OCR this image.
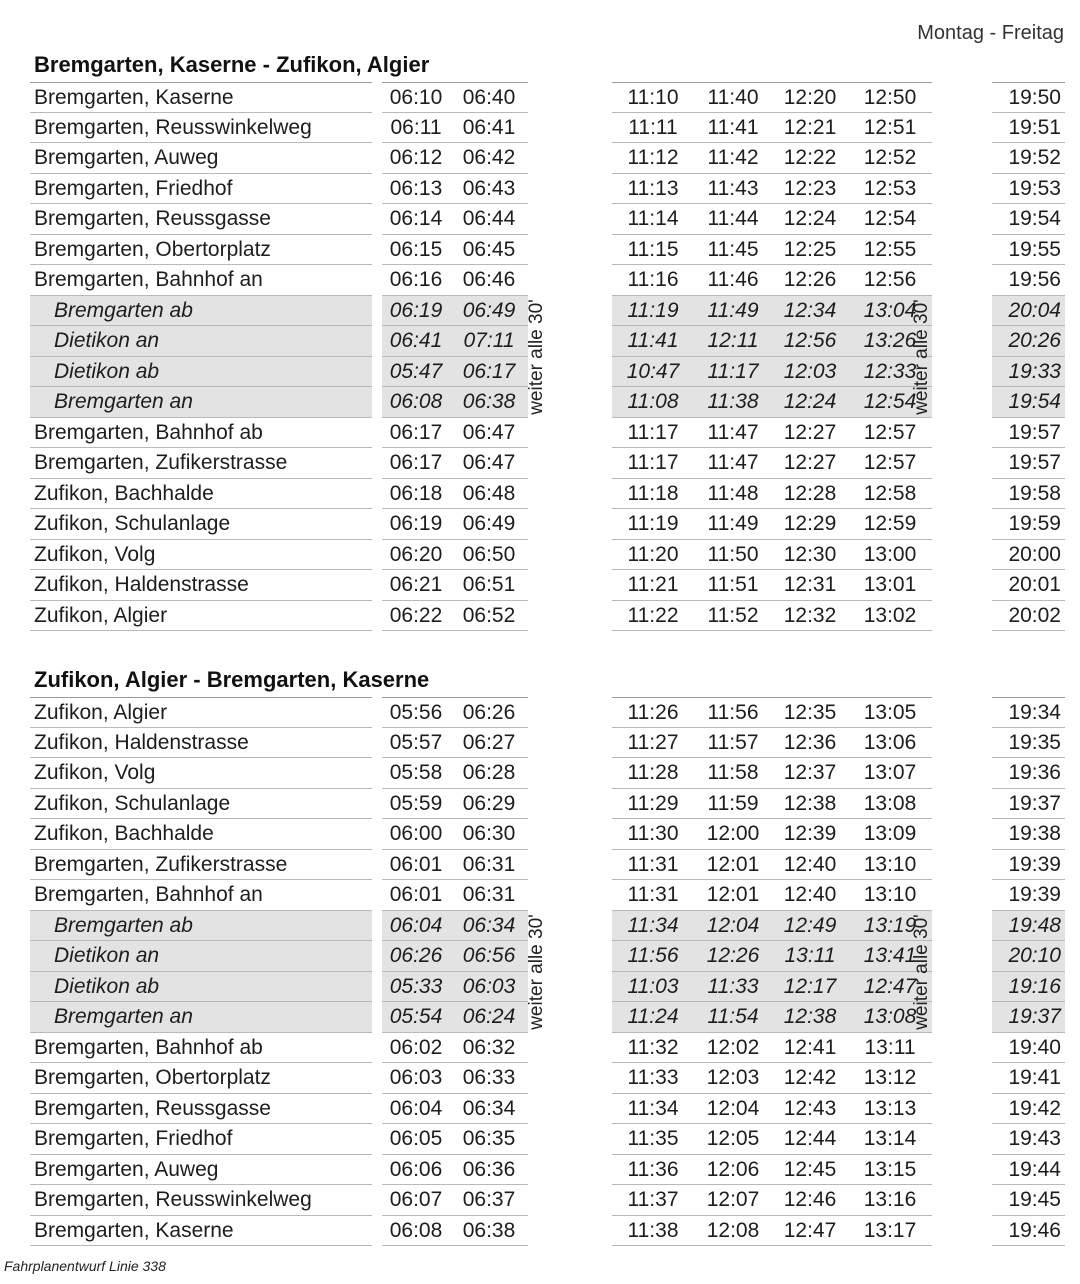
Montag - Freitag
Bremgarten, Kaserne - Zufikon, Algier
Bremgarten, Kaserne	06:10 06:40	11:10	11:40	12:20	12:50	19:50
Bremgarten, Reusswinkelweg	06:11	06:41	11:11	11:41	12:21	12:51	19:51
Bremgarten, Auweg	06:12 06:42	11:12	11:42	12:22	12:52	19:52
Bremgarten, Friedhof	06:13 06:43	11:13	11:43	12:23	12:53	19:53
Bremgarten, Reussgasse	06:14 06:44	11:14	11:44	12:24	12:54	19:54
Bremgarten, Obertorplatz	06:15 06:45	11:15	11:45	12:25	12:55	19:55
Bremgarten, Bahnhof an	06:16 06:46	11:16	11:46	12:26	12:56	19:56
Bremgarten ab	06:19 06:49	11:19	11:49	12:34	13:04	20:04
Dietikon an	06:41	07:11	11:41	12:11	12:56	13:26	20:26
Dietikon ab	05:47 06:17	10:47	11:17	12:03	12:33	19:33
Bremgarten an	06:08 06:38	11:08	11:38	12:24	12:54	19:54
Bremgarten, Bahnhof ab	06:17 06:47	11:17	11:47	12:27	12:57	19:57
Bremgarten, Zufikerstrasse	06:17 06:47	11:17	11:47	12:27	12:57	19:57
Zufikon, Bachhalde	06:18 06:48	11:18	11:48	12:28	12:58	19:58
Zufikon, Schulanlage	06:19 06:49	11:19	11:49	12:29	12:59	19:59
Zufikon, Volg	06:20 06:50	11:20	11:50	12:30	13:00	20:00
Zufikon, Haldenstrasse	06:21 06:51	11:21	11:51	12:31	13:01	20:01
Zufikon, Algier	06:22 06:52	11:22	11:52	12:32	13:02	20:02
weiter alle 30'	weiter alle 30'
Zufikon, Algier - Bremgarten, Kaserne
Zufikon, Algier	05:56 06:26	11:26	11:56	12:35	13:05	19:34
Zufikon, Haldenstrasse	05:57 06:27	11:27	11:57	12:36	13:06	19:35
Zufikon, Volg	05:58 06:28	11:28	11:58	12:37	13:07	19:36
Zufikon, Schulanlage	05:59 06:29	11:29	11:59	12:38	13:08	19:37
Zufikon, Bachhalde	06:00 06:30	11:30	12:00	12:39	13:09	19:38
Bremgarten, Zufikerstrasse	06:01 06:31	11:31	12:01	12:40	13:10	19:39
Bremgarten, Bahnhof an	06:01 06:31	11:31	12:01	12:40	13:10	19:39
Bremgarten ab	06:04 06:34	11:34	12:04	12:49	13:19	19:48
Dietikon an	06:26 06:56	11:56	12:26	13:11	13:41	20:10
Dietikon ab	05:33 06:03	11:03	11:33	12:17	12:47	19:16
Bremgarten an	05:54 06:24	11:24	11:54	12:38	13:08	19:37
Bremgarten, Bahnhof ab	06:02 06:32	11:32	12:02	12:41	13:11	19:40
Bremgarten, Obertorplatz	06:03 06:33	11:33	12:03	12:42	13:12	19:41
Bremgarten, Reussgasse	06:04 06:34	11:34	12:04	12:43	13:13	19:42
Bremgarten, Friedhof	06:05 06:35	11:35	12:05	12:44	13:14	19:43
Bremgarten, Auweg	06:06 06:36	11:36	12:06	12:45	13:15	19:44
Bremgarten, Reusswinkelweg	06:07 06:37	11:37	12:07	12:46	13:16	19:45
Bremgarten, Kaserne	06:08 06:38	11:38	12:08	12:47	13:17	19:46
weiter alle 30'	weiter alle 30'
Fahrplanentwurf Linie 338
